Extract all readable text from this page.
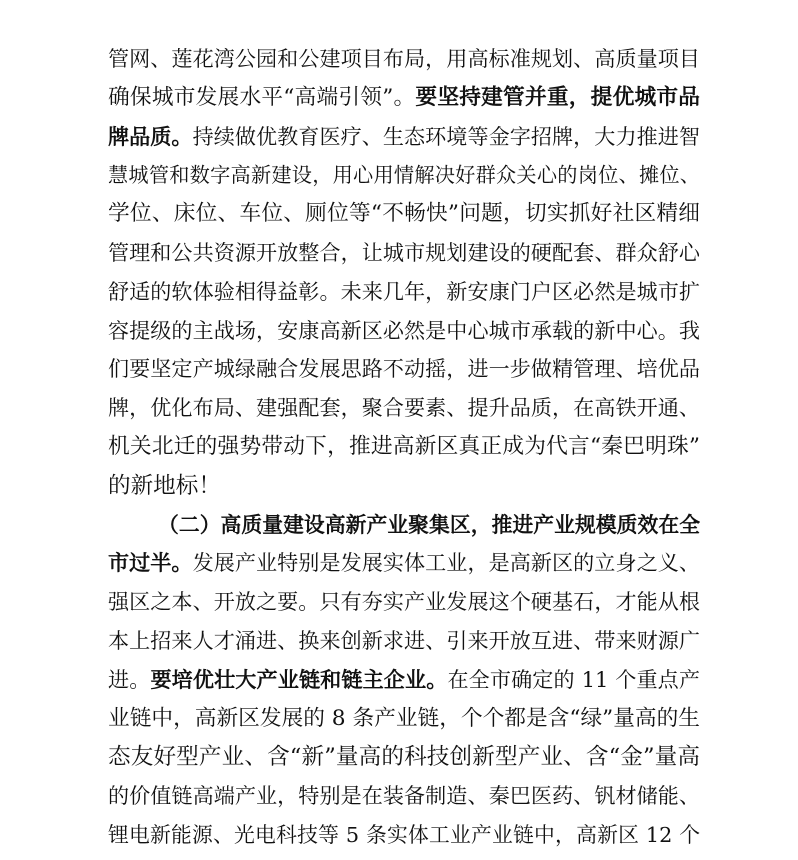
管网、莲花湾公园和公建项目布局，用高标准规划、高质量项目
确保城市发展水平“高端引领”。要坚持建管并重，提优城市品
牌品质。持续做优教育医疗、生态环境等金字招牌，大力推进智
慧城管和数字高新建设，用心用情解决好群众关心的岗位、摊位、
学位、床位、车位、厕位等“不畅快”问题，切实抓好社区精细
管理和公共资源开放整合，让城市规划建设的硬配套、群众舒心
舒适的软体验相得益彰。未来几年，新安康门户区必然是城市扩
容提级的主战场，安康高新区必然是中心城市承载的新中心。我
们要坚定产城绿融合发展思路不动摇，进一步做精管理、培优品
牌，优化布局、建强配套，聚合要素、提升品质，在高铁开通、
机关北迁的强势带动下，推进高新区真正成为代言“秦巴明珠”
的新地标！
（二）高质量建设高新产业聚集区，推进产业规模质效在全
市过半。发展产业特别是发展实体工业，是高新区的立身之义、
强区之本、开放之要。只有夯实产业发展这个硬基石，才能从根
本上招来人才涌进、换来创新求进、引来开放互进、带来财源广
进。要培优壮大产业链和链主企业。在全市确定的 11 个重点产
业链中，高新区发展的 8 条产业链，个个都是含“绿”量高的生
态友好型产业、含“新”量高的科技创新型产业、含“金”量高
的价值链高端产业，特别是在装备制造、秦巴医药、钒材储能、
锂电新能源、光电科技等 5 条实体工业产业链中，高新区 12 个
